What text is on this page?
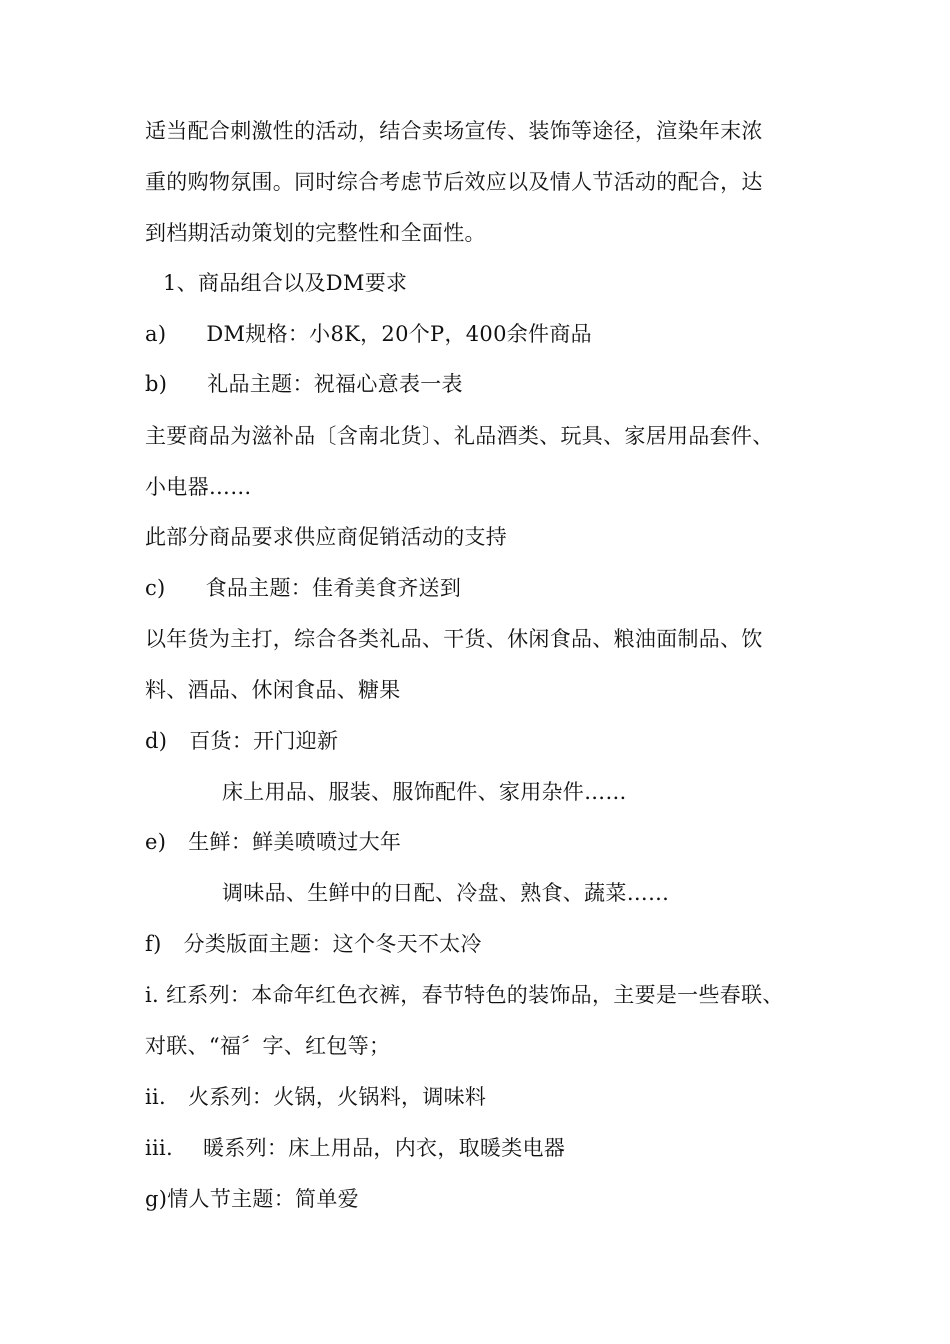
适当配合刺激性的活动，结合卖场宣传、装饰等途径，渲染年末浓
重的购物氛围。同时综合考虑节后效应以及情人节活动的配合，达
到档期活动策划的完整性和全面性。
1、商品组合以及DM要求
a) DM规格：小8K，20个P，400余件商品
b) 礼品主题：祝福心意表一表
主要商品为滋补品〔含南北货〕、礼品酒类、玩具、家居用品套件、
小电器……
此部分商品要求供应商促销活动的支持
c) 食品主题：佳肴美食齐送到
以年货为主打，综合各类礼品、干货、休闲食品、粮油面制品、饮
料、酒品、休闲食品、糖果
d) 百货：开门迎新
床上用品、服装、服饰配件、家用杂件……
e) 生鲜：鲜美喷喷过大年
调味品、生鲜中的日配、冷盘、熟食、蔬菜……
f) 分类版面主题：这个冬天不太冷
i. 红系列：本命年红色衣裤，春节特色的装饰品，主要是一些春联、
对联、“福〞字、红包等；
ii. 火系列：火锅，火锅料，调味料
iii. 暖系列：床上用品，内衣，取暖类电器
g)情人节主题：简单爱
